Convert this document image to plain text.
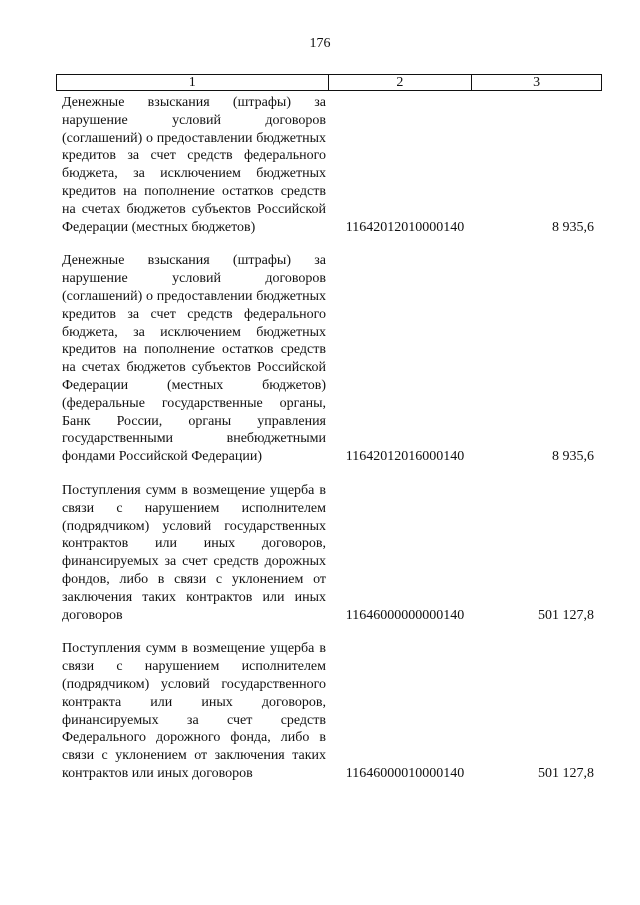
176
1	2	3
Денежные взыскания (штрафы) за нарушение условий договоров (соглашений) о предоставлении бюджетных кредитов за счет средств федерального бюджета, за исключением бюджетных кредитов на пополнение остатков средств на счетах бюджетов субъектов Российской Федерации (местных бюджетов)	11642012010000140	8 935,6
Денежные взыскания (штрафы) за нарушение условий договоров (соглашений) о предоставлении бюджетных кредитов за счет средств федерального бюджета, за исключением бюджетных кредитов на пополнение остатков средств на счетах бюджетов субъектов Российской Федерации (местных бюджетов) (федеральные государственные органы, Банк России, органы управления государственными внебюджетными фондами Российской Федерации)	11642012016000140	8 935,6
Поступления сумм в возмещение ущерба в связи с нарушением исполнителем (подрядчиком) условий государственных контрактов или иных договоров, финансируемых за счет средств дорожных фондов, либо в связи с уклонением от заключения таких контрактов или иных договоров	11646000000000140	501 127,8
Поступления сумм в возмещение ущерба в связи с нарушением исполнителем (подрядчиком) условий государственного контракта или иных договоров, финансируемых за счет средств Федерального дорожного фонда, либо в связи с уклонением от заключения таких контрактов или иных договоров	11646000010000140	501 127,8
